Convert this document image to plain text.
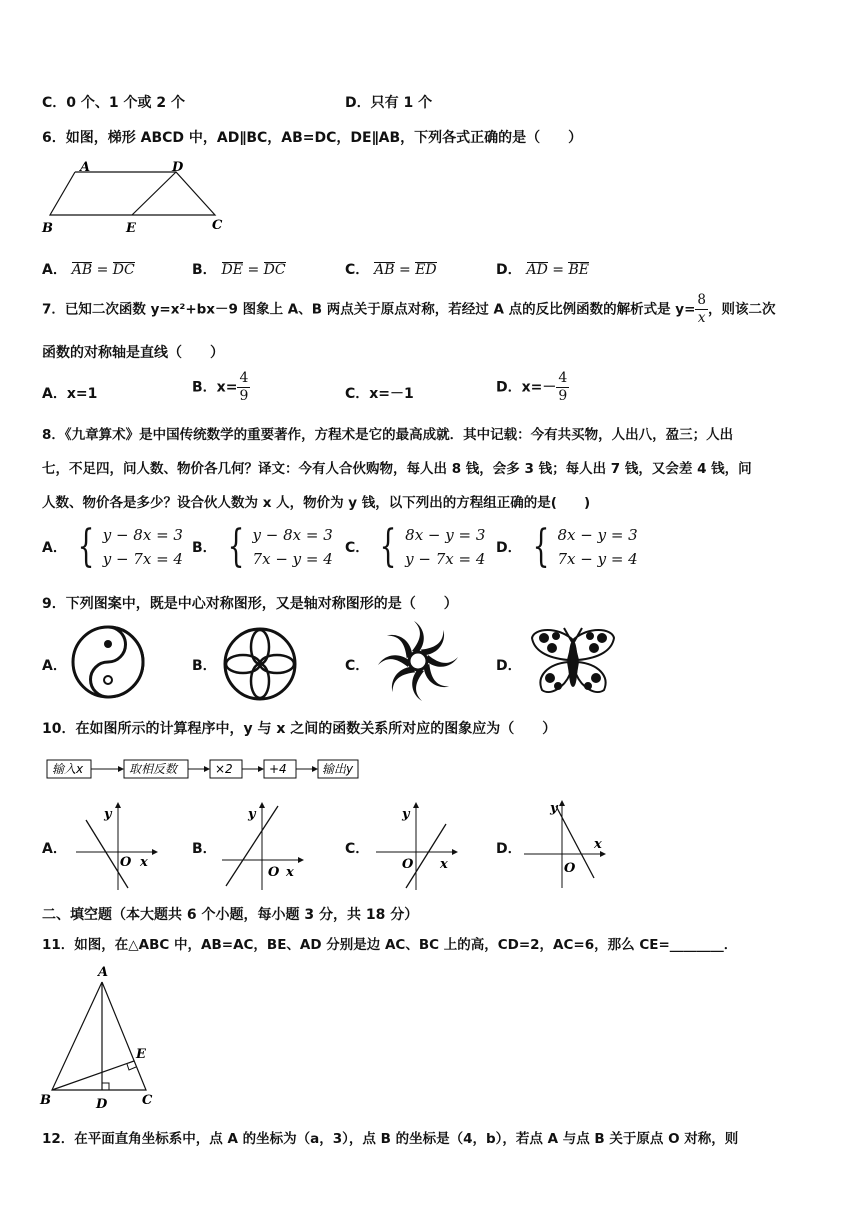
C．0 个、1 个或 2 个	D．只有 1 个
6．如图，梯形 ABCD 中，AD∥BC，AB=DC，DE∥AB，下列各式正确的是（　　）
A	D
B	E	C
A． AB = DC	B． DE = DC	C． AB = ED	D． AD = BE
7．已知二次函数 y=x²+bx－9 图象上 A、B 两点关于原点对称，若经过 A 点的反比例函数的解析式是 $y= \frac{8}{x}$ ，则该二次
函数的对称轴是直线（　　）
A．x=1	B．$x= \frac{4}{9}$	C．x=－1	D．$x=- \frac{4}{9}$
8．《九章算术》是中国传统数学的重要著作，方程术是它的最高成就．其中记载：今有共买物，人出八，盈三；人出
七，不足四，问人数、物价各几何？译文：今有人合伙购物，每人出 8 钱，会多 3 钱；每人出 7 钱，又会差 4 钱，问
人数、物价各是多少？设合伙人数为 x 人，物价为 y 钱，以下列出的方程组正确的是(　　)
A． { y − 8x = 3
y − 7x = 4
B． { y − 8x = 3
7x − y = 4
C． { 8x − y = 3
y − 7x = 4
D． { 8x − y = 3
7x − y = 4
9．下列图案中，既是中心对称图形，又是轴对称图形的是（　　）
A．	B．	C．	D．
10．在如图所示的计算程序中，y 与 x 之间的函数关系所对应的图象应为（　　）
输入x	取相反数	×2	+4	输出y
A．
y
O x
B．
y
O x
C．
y
O x
D．
y
O
x
二、填空题（本大题共 6 个小题，每小题 3 分，共 18 分）
11．如图，在△ABC 中，AB=AC，BE、AD 分别是边 AC、BC 上的高，CD=2，AC=6，那么 CE=________．
A
B	D	C
E
12．在平面直角坐标系中，点 A 的坐标为（a，3），点 B 的坐标是（4，b），若点 A 与点 B 关于原点 O 对称，则
